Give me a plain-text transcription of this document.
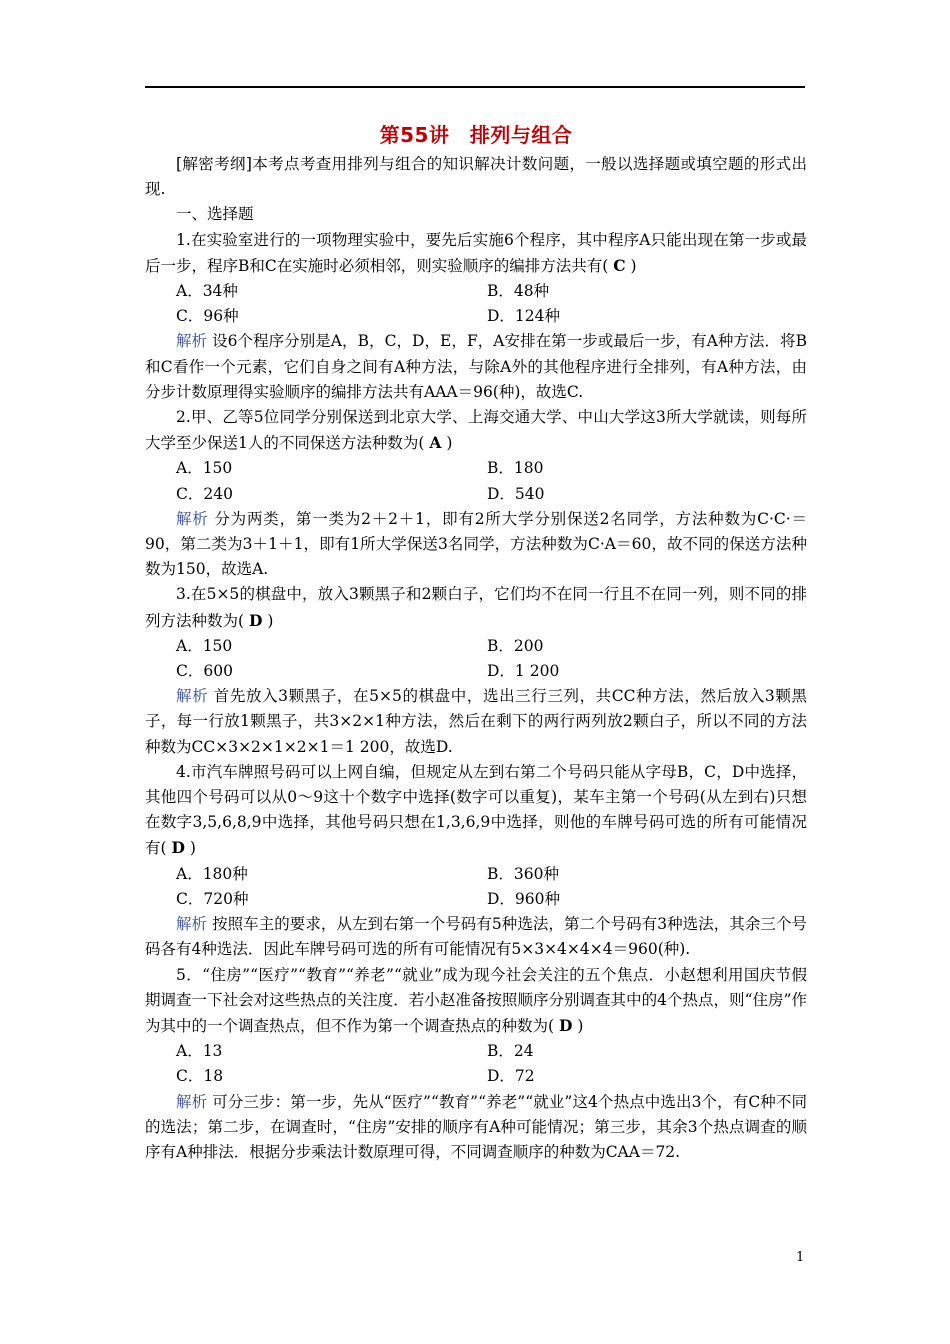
第55讲　排列与组合

[解密考纲]本考点考查用排列与组合的知识解决计数问题，一般以选择题或填空题的形式出现.

一、选择题

1.在实验室进行的一项物理实验中，要先后实施6个程序，其中程序A只能出现在第一步或最后一步，程序B和C在实施时必须相邻，则实验顺序的编排方法共有( C )

A．34种	B．48种
C．96种	D．124种

解析 设6个程序分别是A，B，C，D，E，F，A安排在第一步或最后一步，有A种方法．将B和C看作一个元素，它们自身之间有A种方法，与除A外的其他程序进行全排列，有A种方法，由分步计数原理得实验顺序的编排方法共有AAA＝96(种)，故选C.

2.甲、乙等5位同学分别保送到北京大学、上海交通大学、中山大学这3所大学就读，则每所大学至少保送1人的不同保送方法种数为( A )

A．150	B．180
C．240	D．540

解析 分为两类，第一类为2＋2＋1，即有2所大学分别保送2名同学，方法种数为C·C·＝90，第二类为3＋1＋1，即有1所大学保送3名同学，方法种数为C·A＝60，故不同的保送方法种数为150，故选A.

3.在5×5的棋盘中，放入3颗黑子和2颗白子，它们均不在同一行且不在同一列，则不同的排列方法种数为( D )

A．150	B．200
C．600	D．1 200

解析 首先放入3颗黑子，在5×5的棋盘中，选出三行三列，共CC种方法，然后放入3颗黑子，每一行放1颗黑子，共3×2×1种方法，然后在剩下的两行两列放2颗白子，所以不同的方法种数为CC×3×2×1×2×1＝1 200，故选D.

4.市汽车牌照号码可以上网自编，但规定从左到右第二个号码只能从字母B，C，D中选择，其他四个号码可以从0～9这十个数字中选择(数字可以重复)，某车主第一个号码(从左到右)只想在数字3,5,6,8,9中选择，其他号码只想在1,3,6,9中选择，则他的车牌号码可选的所有可能情况有( D )

A．180种	B．360种
C．720种	D．960种

解析 按照车主的要求，从左到右第一个号码有5种选法，第二个号码有3种选法，其余三个号码各有4种选法．因此车牌号码可选的所有可能情况有5×3×4×4×4＝960(种).

5．“住房”“医疗”“教育”“养老”“就业”成为现今社会关注的五个焦点．小赵想利用国庆节假期调查一下社会对这些热点的关注度．若小赵准备按照顺序分别调查其中的4个热点，则“住房”作为其中的一个调查热点，但不作为第一个调查热点的种数为( D )

A．13	B．24
C．18	D．72

解析 可分三步：第一步，先从“医疗”“教育”“养老”“就业”这4个热点中选出3个，有C种不同的选法；第二步，在调查时，“住房”安排的顺序有A种可能情况；第三步，其余3个热点调查的顺序有A种排法．根据分步乘法计数原理可得，不同调查顺序的种数为CAA＝72.

1
